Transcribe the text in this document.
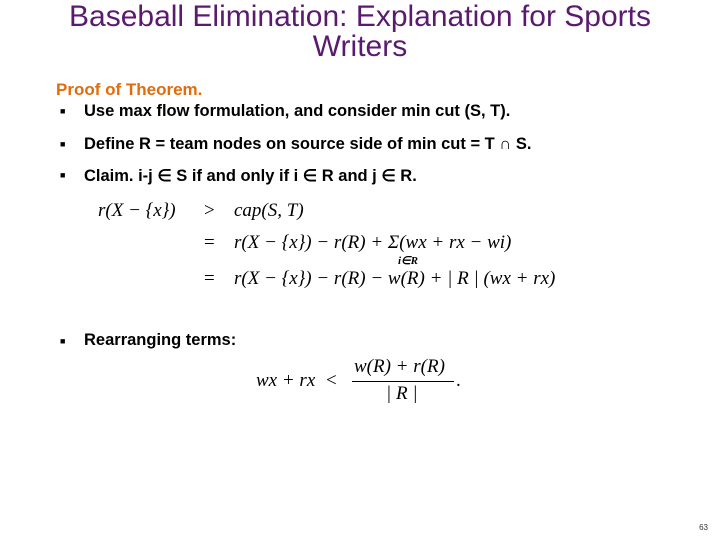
Baseball Elimination: Explanation for Sports
Writers
Proof of Theorem.
■ Use max flow formulation, and consider min cut (S, T).
■ Define R = team nodes on source side of min cut = T ∩ S.
■ Claim. i-j ∈ S if and only if i ∈ R and j ∈ R.
r(X − {x}) > cap(S, T)
= r(X − {x}) − r(R) + Σ(wx + rx − wi)
i∈R
= r(X − {x}) − r(R) − w(R) + | R | (wx + rx)
■ Rearranging terms:
wx + rx <
w(R) + r(R)
| R |
.
63
